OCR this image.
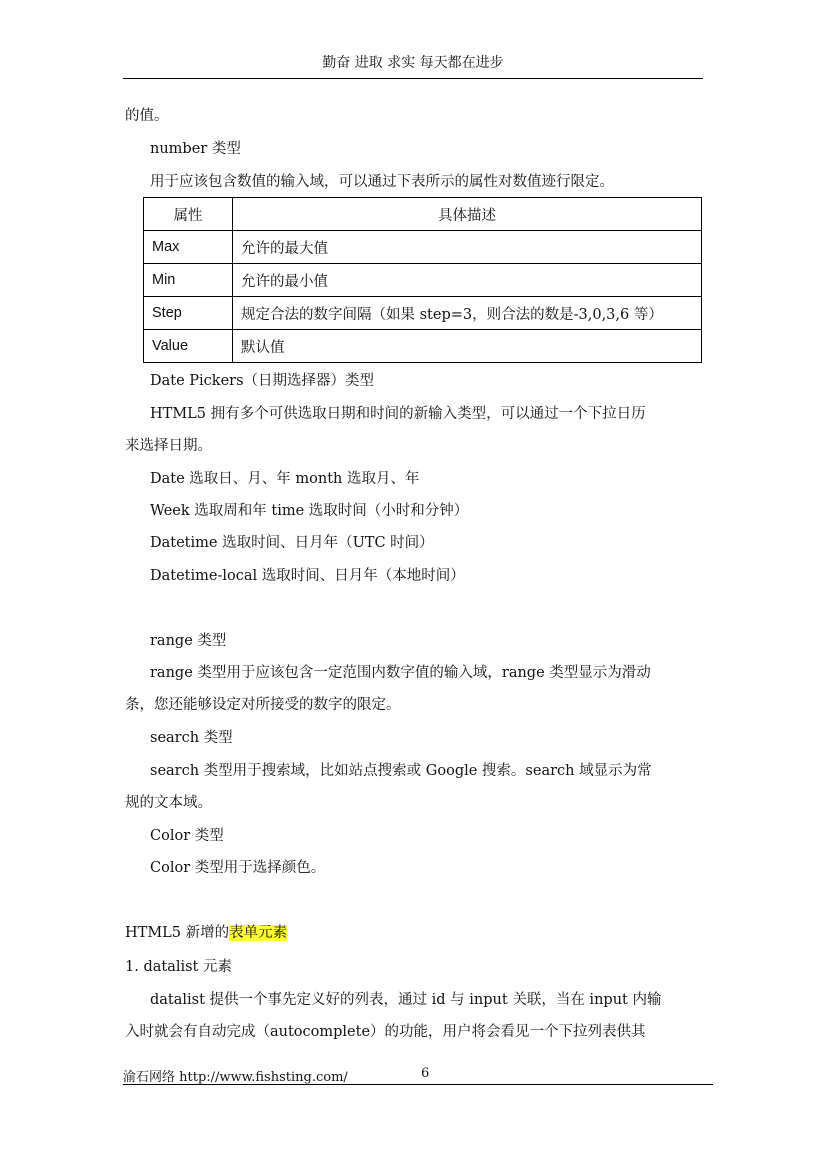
勤奋 进取 求实 每天都在进步
的值。
number 类型
用于应该包含数值的输入域，可以通过下表所示的属性对数值迹行限定。
属性	具体描述
Max	允许的最大值
Min	允许的最小值
Step	规定合法的数字间隔（如果 step=3，则合法的数是-3,0,3,6 等）
Value	默认值
Date Pickers（日期选择器）类型
HTML5 拥有多个可供选取日期和时间的新输入类型，可以通过一个下拉日历
来选择日期。
Date 选取日、月、年 month 选取月、年
Week 选取周和年 time 选取时间（小时和分钟）
Datetime 选取时间、日月年（UTC 时间）
Datetime-local 选取时间、日月年（本地时间）
range 类型
range 类型用于应该包含一定范围内数字值的输入域，range 类型显示为滑动
条，您还能够设定对所接受的数字的限定。
search 类型
search 类型用于搜索域，比如站点搜索或 Google 搜索。search 域显示为常
规的文本域。
Color 类型
Color 类型用于选择颜色。
HTML5 新增的表单元素
1. datalist 元素
datalist 提供一个事先定义好的列表，通过 id 与 input 关联，当在 input 内输
入时就会有自动完成（autocomplete）的功能，用户将会看见一个下拉列表供其
渝石网络 http://www.fishsting.com/	6
